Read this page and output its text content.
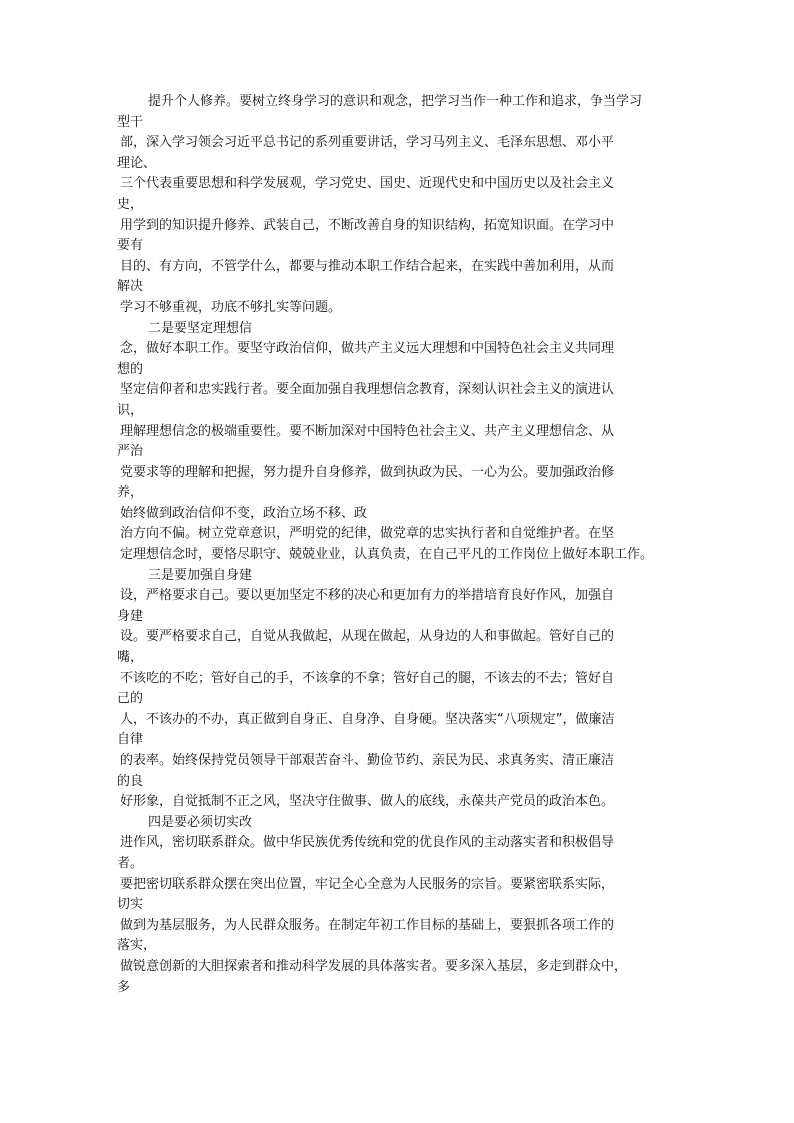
提升个人修养。要树立终身学习的意识和观念，把学习当作一种工作和追求，争当学习
型干
部，深入学习领会习近平总书记的系列重要讲话，学习马列主义、毛泽东思想、邓小平
理论、
三个代表重要思想和科学发展观，学习党史、国史、近现代史和中国历史以及社会主义
史，
用学到的知识提升修养、武装自己，不断改善自身的知识结构，拓宽知识面。在学习中
要有
目的、有方向，不管学什么，都要与推动本职工作结合起来，在实践中善加利用，从而
解决
学习不够重视，功底不够扎实等问题。
二是要坚定理想信
念，做好本职工作。要坚守政治信仰，做共产主义远大理想和中国特色社会主义共同理
想的
坚定信仰者和忠实践行者。要全面加强自我理想信念教育，深刻认识社会主义的演进认
识，
理解理想信念的极端重要性。要不断加深对中国特色社会主义、共产主义理想信念、从
严治
党要求等的理解和把握，努力提升自身修养，做到执政为民、一心为公。要加强政治修
养，
始终做到政治信仰不变，政治立场不移、政
治方向不偏。树立党章意识，严明党的纪律，做党章的忠实执行者和自觉维护者。在坚
定理想信念时，要恪尽职守、兢兢业业，认真负责，在自己平凡的工作岗位上做好本职工作。
三是要加强自身建
设，严格要求自己。要以更加坚定不移的决心和更加有力的举措培育良好作风，加强自
身建
设。要严格要求自己，自觉从我做起，从现在做起，从身边的人和事做起。管好自己的
嘴，
不该吃的不吃；管好自己的手，不该拿的不拿；管好自己的腿，不该去的不去；管好自
己的
人，不该办的不办，真正做到自身正、自身净、自身硬。坚决落实“八项规定”，做廉洁
自律
的表率。始终保持党员领导干部艰苦奋斗、勤俭节约、亲民为民、求真务实、清正廉洁
的良
好形象，自觉抵制不正之风，坚决守住做事、做人的底线，永葆共产党员的政治本色。
四是要必须切实改
进作风，密切联系群众。做中华民族优秀传统和党的优良作风的主动落实者和积极倡导
者。
要把密切联系群众摆在突出位置，牢记全心全意为人民服务的宗旨。要紧密联系实际，
切实
做到为基层服务，为人民群众服务。在制定年初工作目标的基础上，要狠抓各项工作的
落实，
做锐意创新的大胆探索者和推动科学发展的具体落实者。要多深入基层，多走到群众中，
多
